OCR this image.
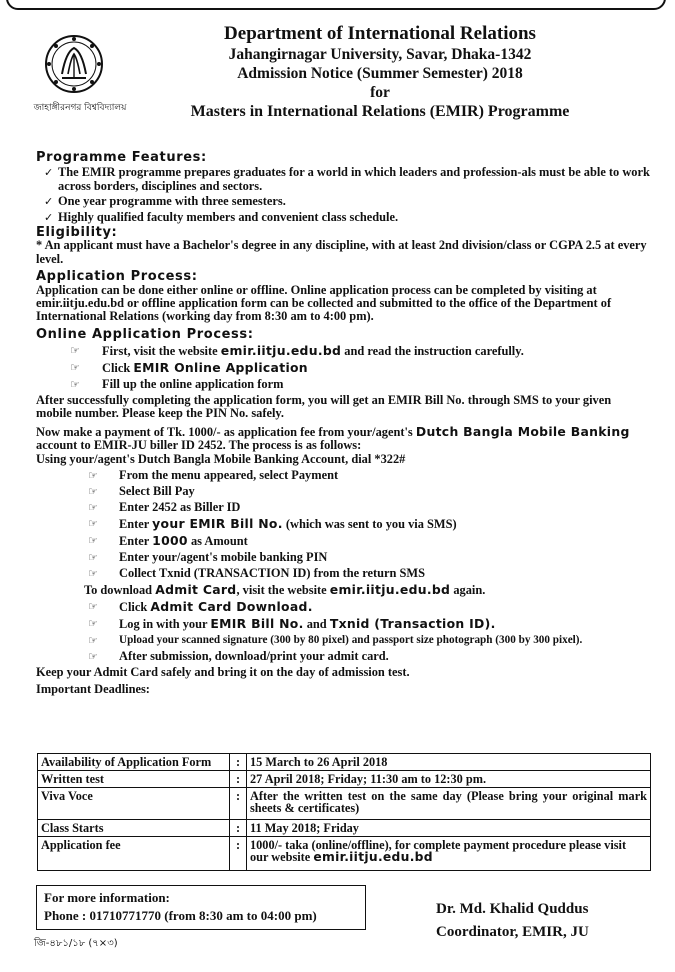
জাহাঙ্গীরনগর বিশ্ববিদ্যালয়
Department of International Relations
Jahangirnagar University, Savar, Dhaka-1342
Admission Notice (Summer Semester) 2018
for
Masters in International Relations (EMIR) Programme
Programme Features:
✓ The EMIR programme prepares graduates for a world in which leaders and profession-als must be able to work across borders, disciplines and sectors.
✓ One year programme with three semesters.
✓ Highly qualified faculty members and convenient class schedule.
Eligibility:

* An applicant must have a Bachelor's degree in any discipline, with at least 2nd division/class or CGPA 2.5 at every level.

Application Process:

Application can be done either online or offline. Online application process can be completed by visiting at emir.iitju.edu.bd or offline application form can be collected and submitted to the office of the Department of International Relations (working day from 8:30 am to 4:00 pm).

Online Application Process:
☞ First, visit the website emir.iitju.edu.bd and read the instruction carefully.
☞ Click EMIR Online Application
☞ Fill up the online application form

After successfully completing the application form, you will get an EMIR Bill No. through SMS to your given mobile number. Please keep the PIN No. safely.

Now make a payment of Tk. 1000/- as application fee from your/agent's Dutch Bangla Mobile Banking account to EMIR-JU biller ID 2452. The process is as follows:

Using your/agent's Dutch Bangla Mobile Banking Account, dial *322#

☞ From the menu appeared, select Payment
☞ Select Bill Pay
☞ Enter 2452 as Biller ID
☞ Enter your EMIR Bill No. (which was sent to you via SMS)
☞ Enter 1000 as Amount
☞ Enter your/agent's mobile banking PIN
☞ Collect Txnid (TRANSACTION ID) from the return SMS

To download Admit Card, visit the website emir.iitju.edu.bd again.

☞ Click Admit Card Download.
☞ Log in with your EMIR Bill No. and Txnid (Transaction ID).
☞ Upload your scanned signature (300 by 80 pixel) and passport size photograph (300 by 300 pixel).
☞ After submission, download/print your admit card.

Keep your Admit Card safely and bring it on the day of admission test.

Important Deadlines:

Availability of Application Form	:	15 March to 26 April 2018
Written test	:	27 April 2018; Friday; 11:30 am to 12:30 pm.
Viva Voce	:	After the written test on the same day (Please bring your original mark sheets & certificates)
Class Starts	:	11 May 2018; Friday
Application fee	:	1000/- taka (online/offline), for complete payment procedure please visit our website emir.iitju.edu.bd
For more information:
Phone : 01710771770 (from 8:30 am to 04:00 pm)	Dr. Md. Khalid Quddus
Coordinator, EMIR, JU
জি-৪৮১/১৮ (৭×৩)
